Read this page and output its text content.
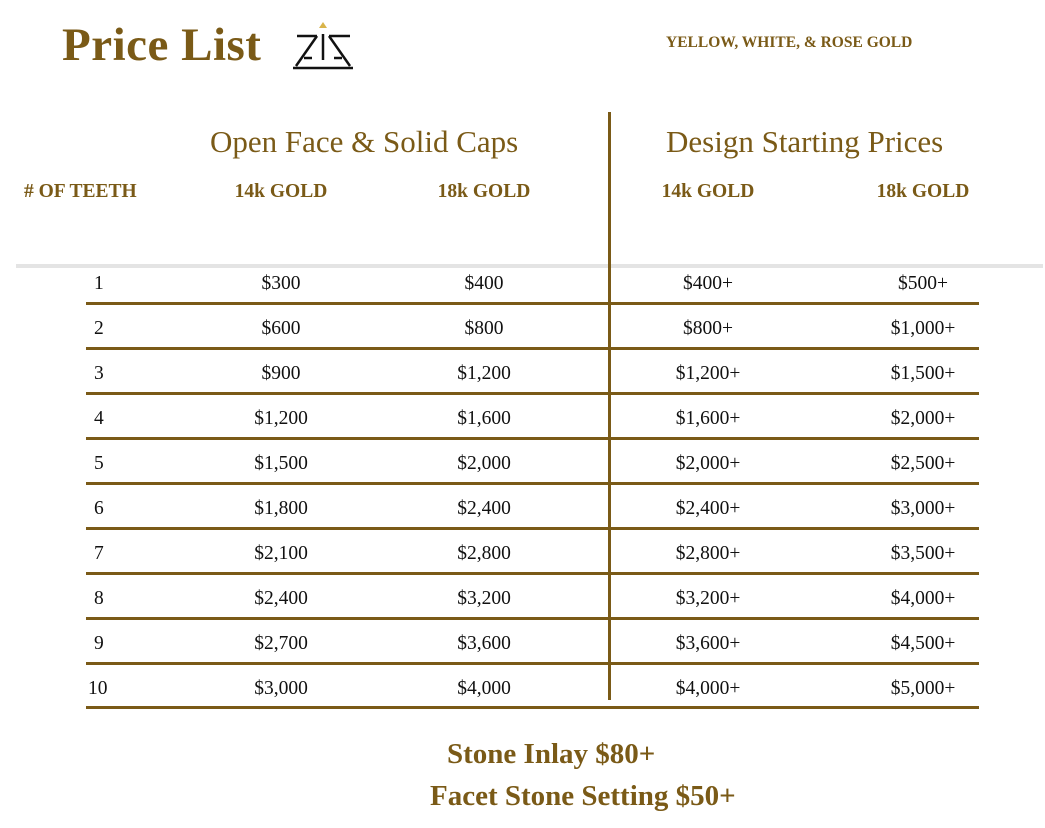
Price List	YELLOW, WHITE, & ROSE GOLD
Open Face & Solid Caps	Design Starting Prices
# OF TEETH	14k GOLD	18k GOLD	14k GOLD	18k GOLD
1	$300	$400	$400+	$500+
2	$600	$800	$800+	$1,000+
3	$900	$1,200	$1,200+	$1,500+
4	$1,200	$1,600	$1,600+	$2,000+
5	$1,500	$2,000	$2,000+	$2,500+
6	$1,800	$2,400	$2,400+	$3,000+
7	$2,100	$2,800	$2,800+	$3,500+
8	$2,400	$3,200	$3,200+	$4,000+
9	$2,700	$3,600	$3,600+	$4,500+
10	$3,000	$4,000	$4,000+	$5,000+
Stone Inlay $80+
Facet Stone Setting $50+
